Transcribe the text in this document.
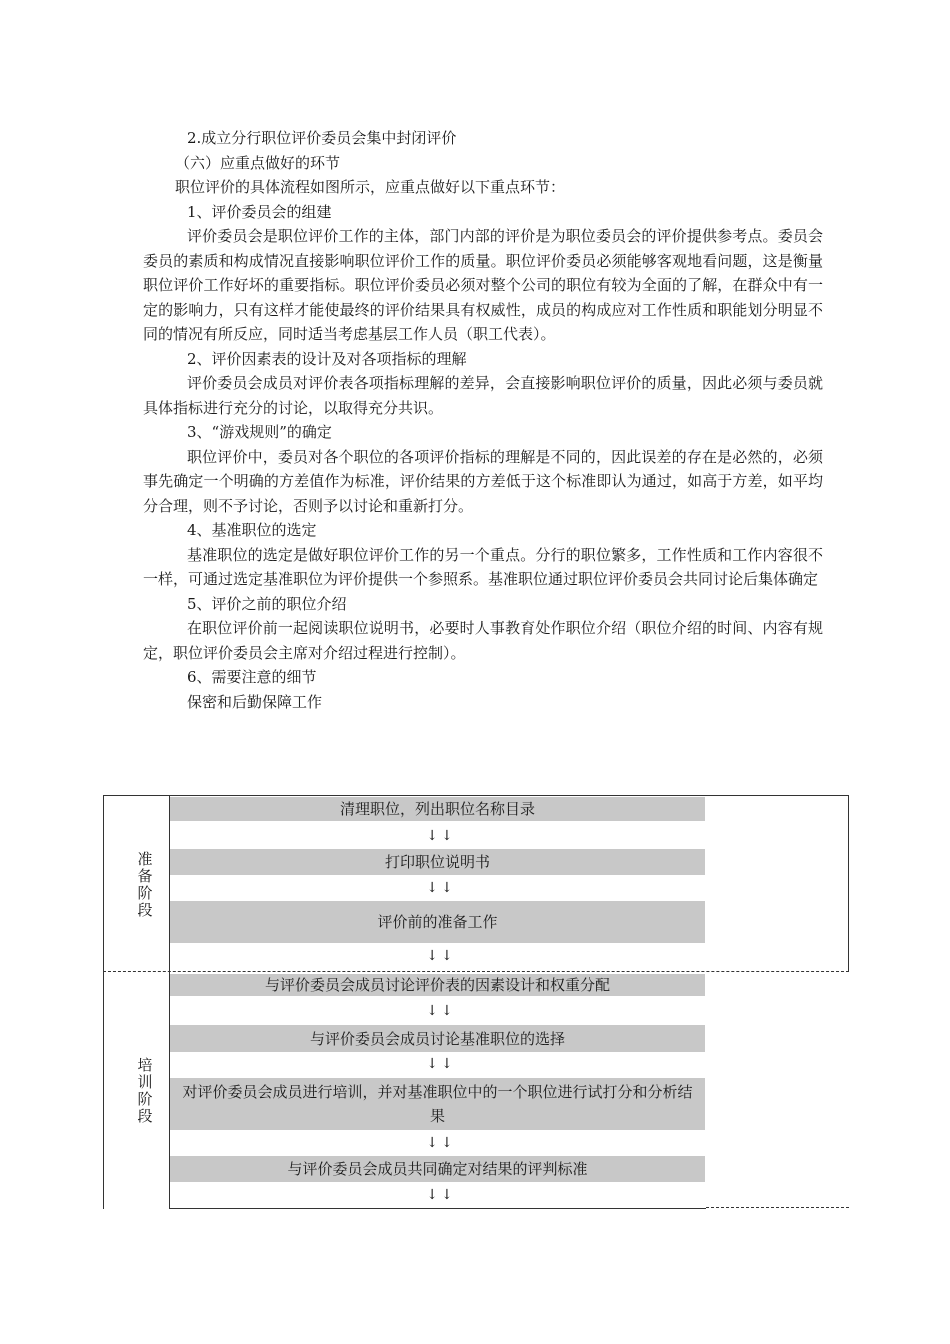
2.成立分行职位评价委员会集中封闭评价
（六）应重点做好的环节
职位评价的具体流程如图所示，应重点做好以下重点环节：
1、评价委员会的组建
评价委员会是职位评价工作的主体，部门内部的评价是为职位委员会的评价提供参考点。委员会委员的素质和构成情况直接影响职位评价工作的质量。职位评价委员必须能够客观地看问题，这是衡量职位评价工作好坏的重要指标。职位评价委员必须对整个公司的职位有较为全面的了解，在群众中有一定的影响力，只有这样才能使最终的评价结果具有权威性，成员的构成应对工作性质和职能划分明显不同的情况有所反应，同时适当考虑基层工作人员（职工代表）。
2、评价因素表的设计及对各项指标的理解
评价委员会成员对评价表各项指标理解的差异，会直接影响职位评价的质量，因此必须与委员就具体指标进行充分的讨论，以取得充分共识。
3、“游戏规则”的确定
职位评价中，委员对各个职位的各项评价指标的理解是不同的，因此误差的存在是必然的，必须事先确定一个明确的方差值作为标准，评价结果的方差低于这个标准即认为通过，如高于方差，如平均分合理，则不予讨论，否则予以讨论和重新打分。
4、基准职位的选定
基准职位的选定是做好职位评价工作的另一个重点。分行的职位繁多，工作性质和工作内容很不一样，可通过选定基准职位为评价提供一个参照系。基准职位通过职位评价委员会共同讨论后集体确定
5、评价之前的职位介绍
在职位评价前一起阅读职位说明书，必要时人事教育处作职位介绍（职位介绍的时间、内容有规定，职位评价委员会主席对介绍过程进行控制）。
6、需要注意的细节
保密和后勤保障工作
准
备
阶
段
培
训
阶
段
清理职位，列出职位名称目录
↓↓
打印职位说明书
↓↓
评价前的准备工作
↓↓
与评价委员会成员讨论评价表的因素设计和权重分配
↓↓
与评价委员会成员讨论基准职位的选择
↓↓
对评价委员会成员进行培训，并对基准职位中的一个职位进行试打分和分析结果
↓↓
与评价委员会成员共同确定对结果的评判标准
↓↓
